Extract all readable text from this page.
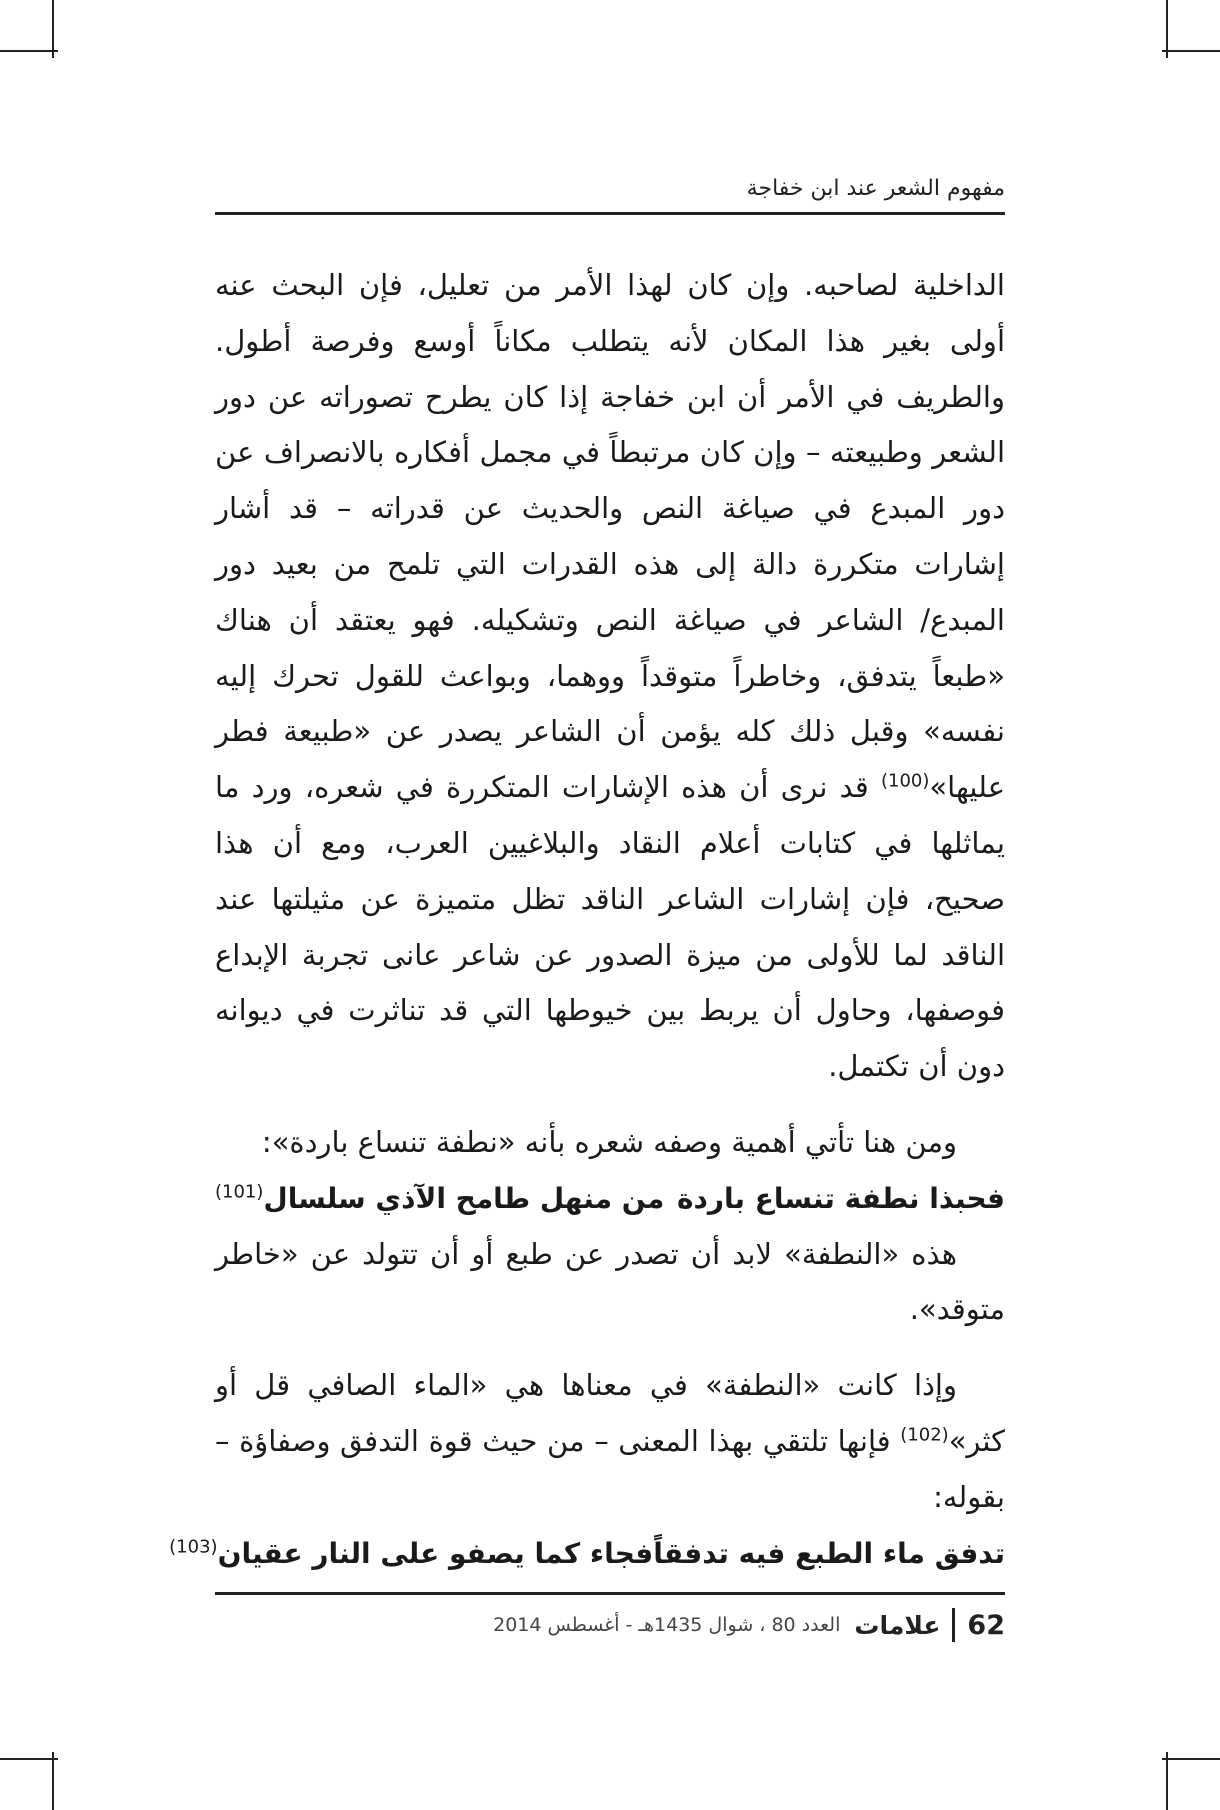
مفهوم الشعر عند ابن خفاجة

الداخلية لصاحبه. وإن كان لهذا الأمر من تعليل، فإن البحث عنه أولى بغير هذا المكان لأنه يتطلب مكاناً أوسع وفرصة أطول. والطريف في الأمر أن ابن خفاجة إذا كان يطرح تصوراته عن دور الشعر وطبيعته – وإن كان مرتبطاً في مجمل أفكاره بالانصراف عن دور المبدع في صياغة النص والحديث عن قدراته – قد أشار إشارات متكررة دالة إلى هذه القدرات التي تلمح من بعيد دور المبدع/ الشاعر في صياغة النص وتشكيله. فهو يعتقد أن هناك «طبعاً يتدفق، وخاطراً متوقداً ووهما، وبواعث للقول تحرك إليه نفسه» وقبل ذلك كله يؤمن أن الشاعر يصدر عن «طبيعة فطر عليها»$^{(100)}$ قد نرى أن هذه الإشارات المتكررة في شعره، ورد ما يماثلها في كتابات أعلام النقاد والبلاغيين العرب، ومع أن هذا صحيح، فإن إشارات الشاعر الناقد تظل متميزة عن مثيلتها عند الناقد لما للأولى من ميزة الصدور عن شاعر عانى تجربة الإبداع فوصفها، وحاول أن يربط بين خيوطها التي قد تناثرت في ديوانه دون أن تكتمل.

ومن هنا تأتي أهمية وصفه شعره بأنه «نطفة تنساع باردة»:

فحبذا نطفة تنساع باردة
من منهل طامح الآذي سلسال$^{(101)}$

هذه «النطفة» لابد أن تصدر عن طبع أو أن تتولد عن «خاطر متوقد».

وإذا كانت «النطفة» في معناها هي «الماء الصافي قل أو كثر»$^{(102)}$ فإنها تلتقي بهذا المعنى – من حيث قوة التدفق وصفاؤة – بقوله:

تدفق ماء الطبع فيه تدفقاً
فجاء كما يصفو على النار عقيان$^{(103)}$
62
علامات
العدد 80 ، شوال 1435هـ - أغسطس 2014
